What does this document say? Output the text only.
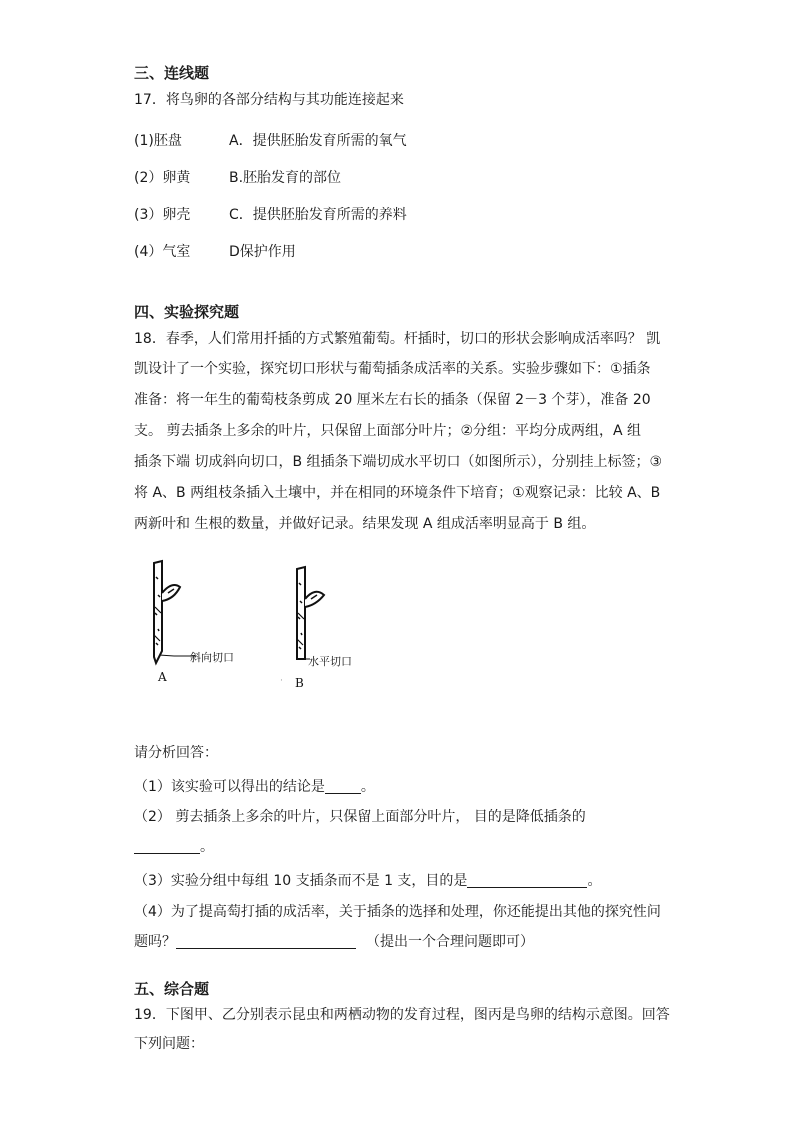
三、连线题
17．将鸟卵的各部分结构与其功能连接起来
(1)胚盘	A．提供胚胎发育所需的氧气
(2）卵黄	B.胚胎发育的部位
(3）卵壳	C．提供胚胎发育所需的养料
(4）气室	D保护作用
四、实验探究题
18．春季，人们常用扦插的方式繁殖葡萄。杆插时，切口的形状会影响成活率吗？ 凯
凯设计了一个实验，探究切口形状与葡萄插条成活率的关系。实验步骤如下：①插条
准备：将一年生的葡萄枝条剪成 20 厘米左右长的插条（保留 2－3 个芽），准备 20
支。 剪去插条上多余的叶片，只保留上面部分叶片；②分组：平均分成两组，A 组
插条下端 切成斜向切口，B 组插条下端切成水平切口（如图所示），分别挂上标签；③
将 A、B 两组枝条插入土壤中，并在相同的环境条件下培育；①观察记录：比较 A、B
两新叶和 生根的数量，并做好记录。结果发现 A 组成活率明显高于 B 组。
斜向切口
A
水平切口
· B
请分析回答：
（1）该实验可以得出的结论是	。
（2） 剪去插条上多余的叶片，只保留上面部分叶片， 目的是降低插条的
。
（3）实验分组中每组 10 支插条而不是 1 支，目的是	。
（4）为了提高萄打插的成活率，关于插条的选择和处理，你还能提出其他的探究性问
题吗？	（提出一个合理问题即可）
五、综合题
19．下图甲、乙分别表示昆虫和两栖动物的发育过程，图丙是鸟卵的结构示意图。回答
下列问题：
